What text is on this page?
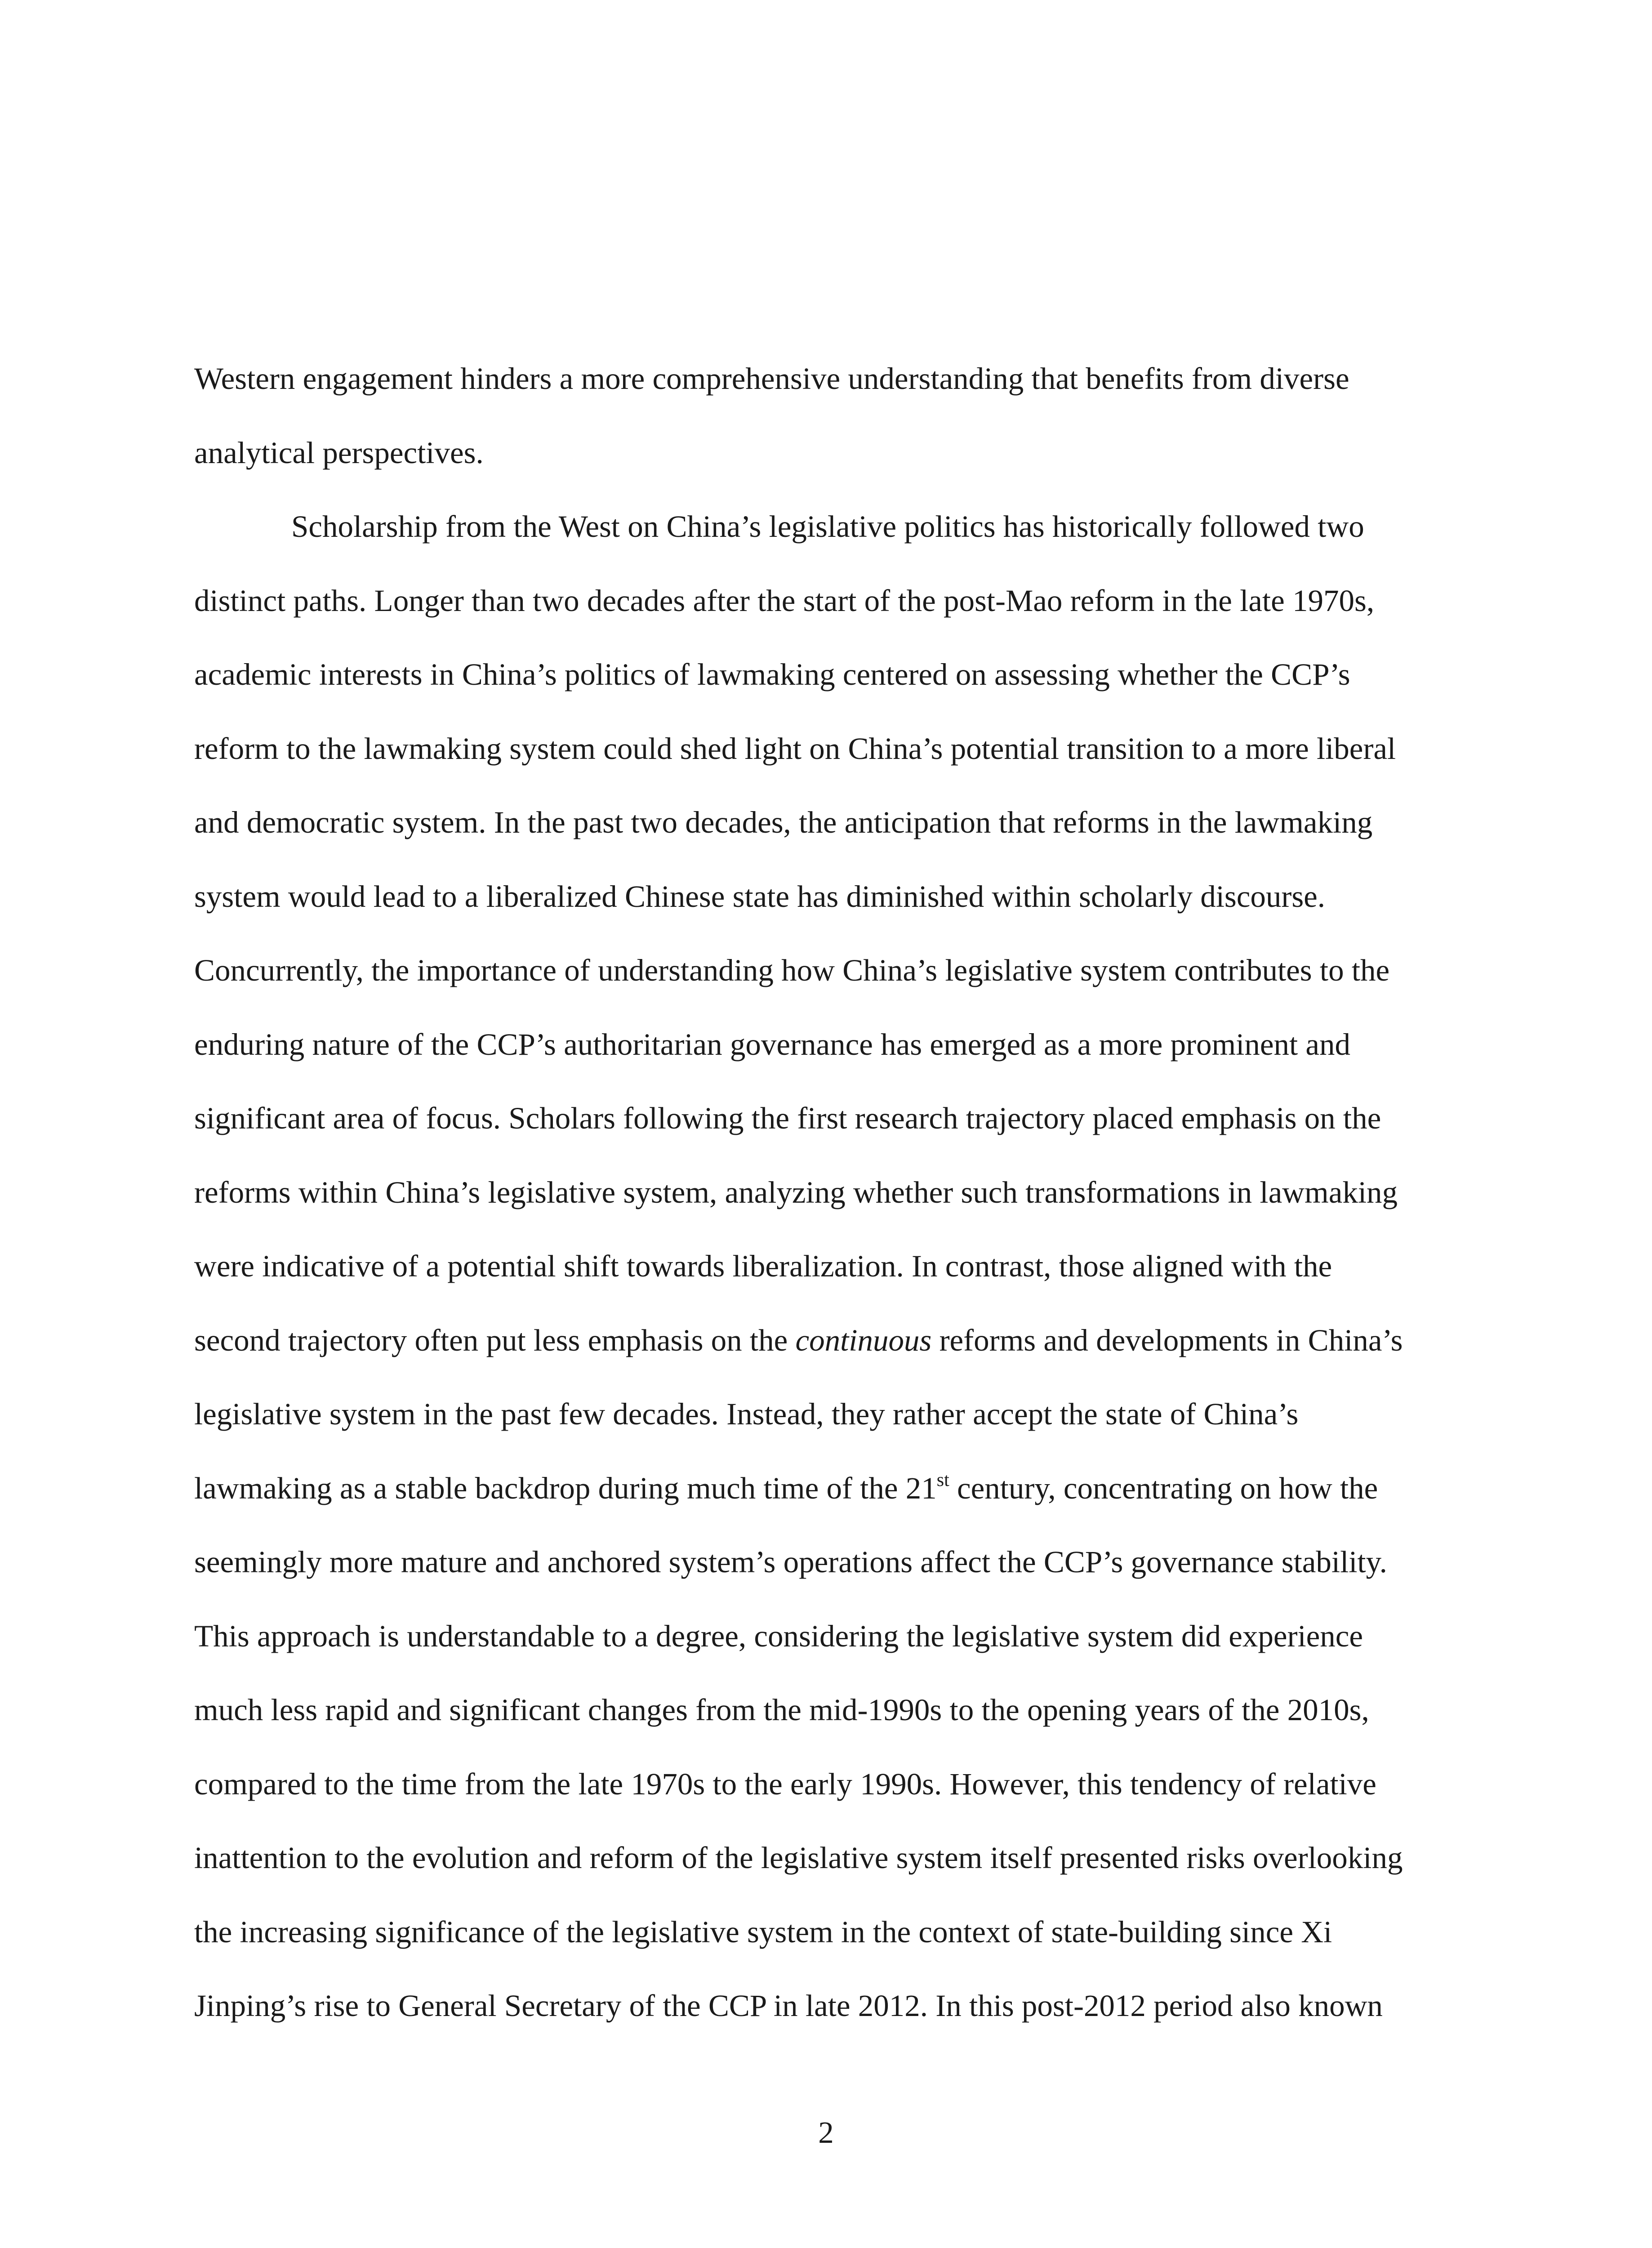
Western engagement hinders a more comprehensive understanding that benefits from diverse
analytical perspectives.
Scholarship from the West on China’s legislative politics has historically followed two
distinct paths. Longer than two decades after the start of the post-Mao reform in the late 1970s,
academic interests in China’s politics of lawmaking centered on assessing whether the CCP’s
reform to the lawmaking system could shed light on China’s potential transition to a more liberal
and democratic system. In the past two decades, the anticipation that reforms in the lawmaking
system would lead to a liberalized Chinese state has diminished within scholarly discourse.
Concurrently, the importance of understanding how China’s legislative system contributes to the
enduring nature of the CCP’s authoritarian governance has emerged as a more prominent and
significant area of focus. Scholars following the first research trajectory placed emphasis on the
reforms within China’s legislative system, analyzing whether such transformations in lawmaking
were indicative of a potential shift towards liberalization. In contrast, those aligned with the
second trajectory often put less emphasis on the continuous reforms and developments in China’s
legislative system in the past few decades. Instead, they rather accept the state of China’s
lawmaking as a stable backdrop during much time of the 21st century, concentrating on how the
seemingly more mature and anchored system’s operations affect the CCP’s governance stability.
This approach is understandable to a degree, considering the legislative system did experience
much less rapid and significant changes from the mid-1990s to the opening years of the 2010s,
compared to the time from the late 1970s to the early 1990s. However, this tendency of relative
inattention to the evolution and reform of the legislative system itself presented risks overlooking
the increasing significance of the legislative system in the context of state-building since Xi
Jinping’s rise to General Secretary of the CCP in late 2012. In this post-2012 period also known
2
